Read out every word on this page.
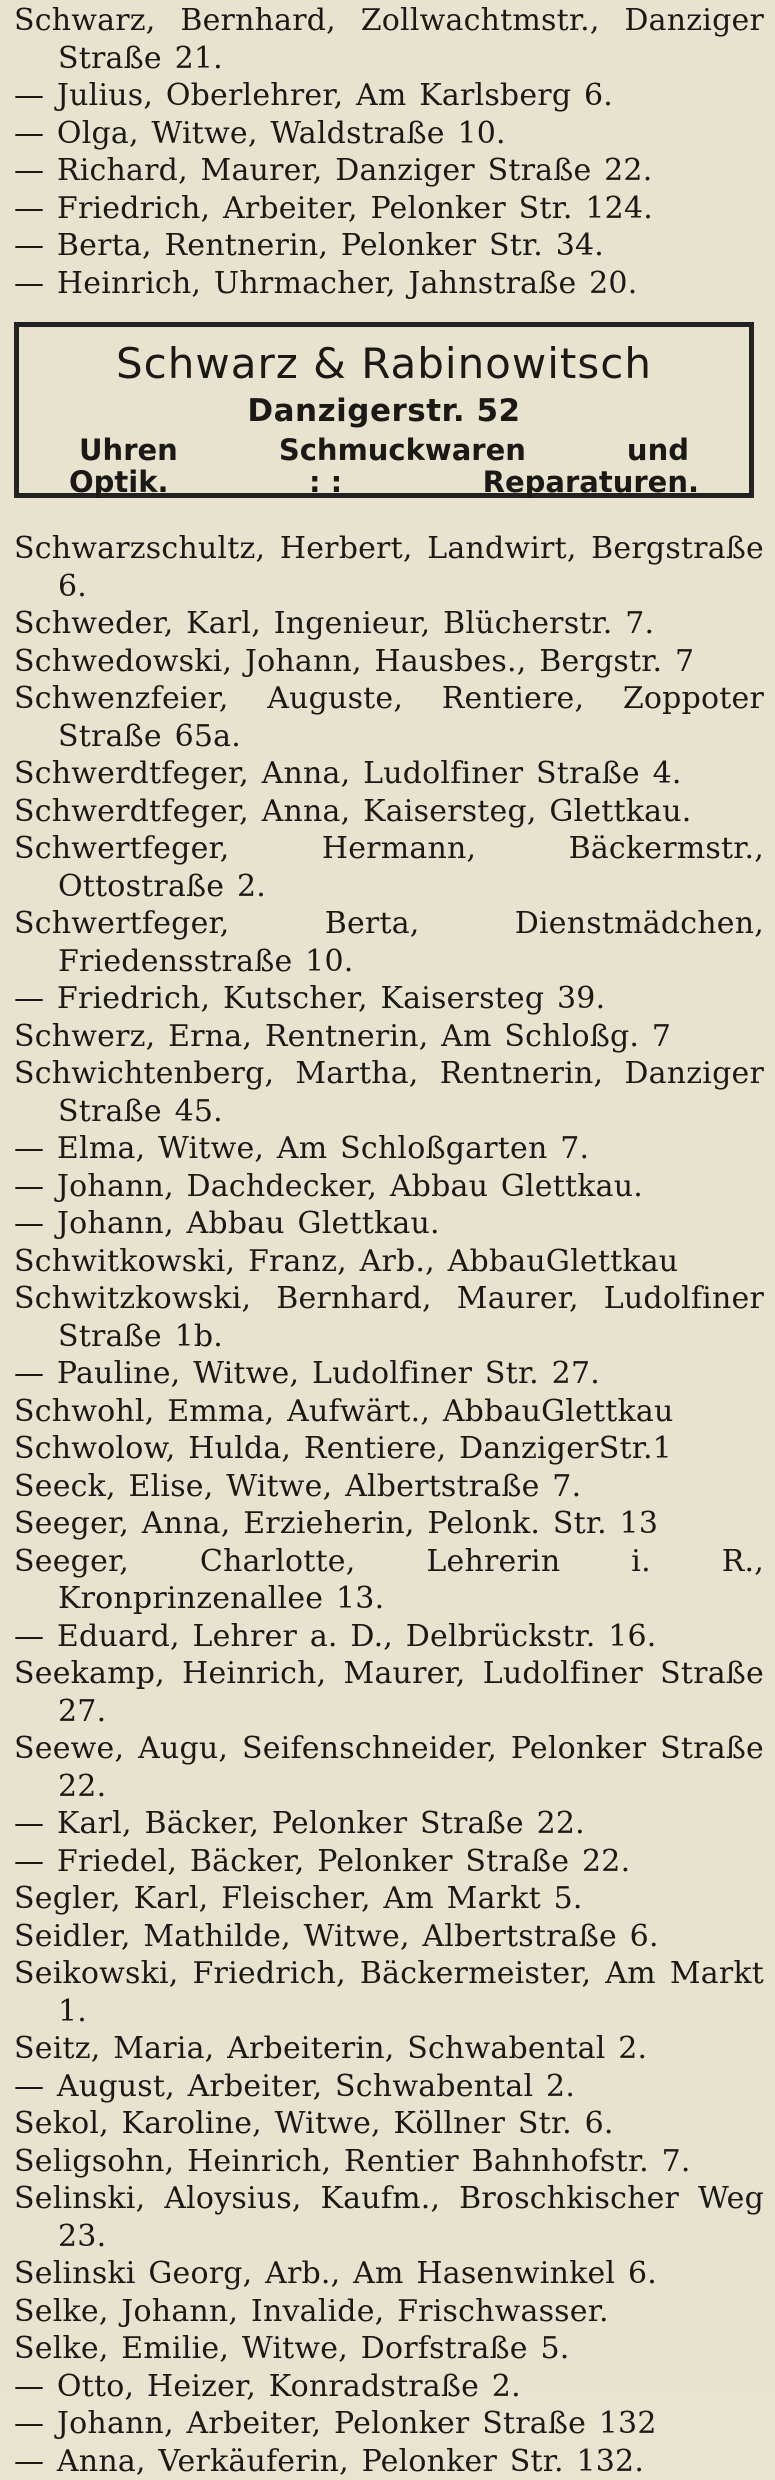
Schwarz, Bernhard, Zollwachtmstr., Danziger Straße 21.
— Julius, Oberlehrer, Am Karlsberg 6.
— Olga, Witwe, Waldstraße 10.
— Richard, Maurer, Danziger Straße 22.
— Friedrich, Arbeiter, Pelonker Str. 124.
— Berta, Rentnerin, Pelonker Str. 34.
— Heinrich, Uhrmacher, Jahnstraße 20.
Schwarz & Rabinowitsch
Danzigerstr. 52
Uhren	Schmuckwaren	und
Optik.	: :	Reparaturen.
Schwarzschultz, Herbert, Landwirt, Bergstraße 6.
Schweder, Karl, Ingenieur, Blücherstr. 7.
Schwedowski, Johann, Hausbes., Bergstr. 7
Schwenzfeier, Auguste, Rentiere, Zoppoter Straße 65a.
Schwerdtfeger, Anna, Ludolfiner Straße 4.
Schwerdtfeger, Anna, Kaisersteg, Glettkau.
Schwertfeger, Hermann, Bäckermstr., Ottostraße 2.
Schwertfeger, Berta, Dienstmädchen, Friedensstraße 10.
— Friedrich, Kutscher, Kaisersteg 39.
Schwerz, Erna, Rentnerin, Am Schloßg. 7
Schwichtenberg, Martha, Rentnerin, Danziger Straße 45.
— Elma, Witwe, Am Schloßgarten 7.
— Johann, Dachdecker, Abbau Glettkau.
— Johann, Abbau Glettkau.
Schwitkowski, Franz, Arb., AbbauGlettkau
Schwitzkowski, Bernhard, Maurer, Ludolfiner Straße 1b.
— Pauline, Witwe, Ludolfiner Str. 27.
Schwohl, Emma, Aufwärt., AbbauGlettkau
Schwolow, Hulda, Rentiere, DanzigerStr.1
Seeck, Elise, Witwe, Albertstraße 7.
Seeger, Anna, Erzieherin, Pelonk. Str. 13
Seeger, Charlotte, Lehrerin i. R., Kronprinzenallee 13.
— Eduard, Lehrer a. D., Delbrückstr. 16.
Seekamp, Heinrich, Maurer, Ludolfiner Straße 27.
Seewe, Augu, Seifenschneider, Pelonker Straße 22.
— Karl, Bäcker, Pelonker Straße 22.
— Friedel, Bäcker, Pelonker Straße 22.
Segler, Karl, Fleischer, Am Markt 5.
Seidler, Mathilde, Witwe, Albertstraße 6.
Seikowski, Friedrich, Bäckermeister, Am Markt 1.
Seitz, Maria, Arbeiterin, Schwabental 2.
— August, Arbeiter, Schwabental 2.
Sekol, Karoline, Witwe, Köllner Str. 6.
Seligsohn, Heinrich, Rentier Bahnhofstr. 7.
Selinski, Aloysius, Kaufm., Broschkischer Weg 23.
Selinski Georg, Arb., Am Hasenwinkel 6.
Selke, Johann, Invalide, Frischwasser.
Selke, Emilie, Witwe, Dorfstraße 5.
— Otto, Heizer, Konradstraße 2.
— Johann, Arbeiter, Pelonker Straße 132
— Anna, Verkäuferin, Pelonker Str. 132.
